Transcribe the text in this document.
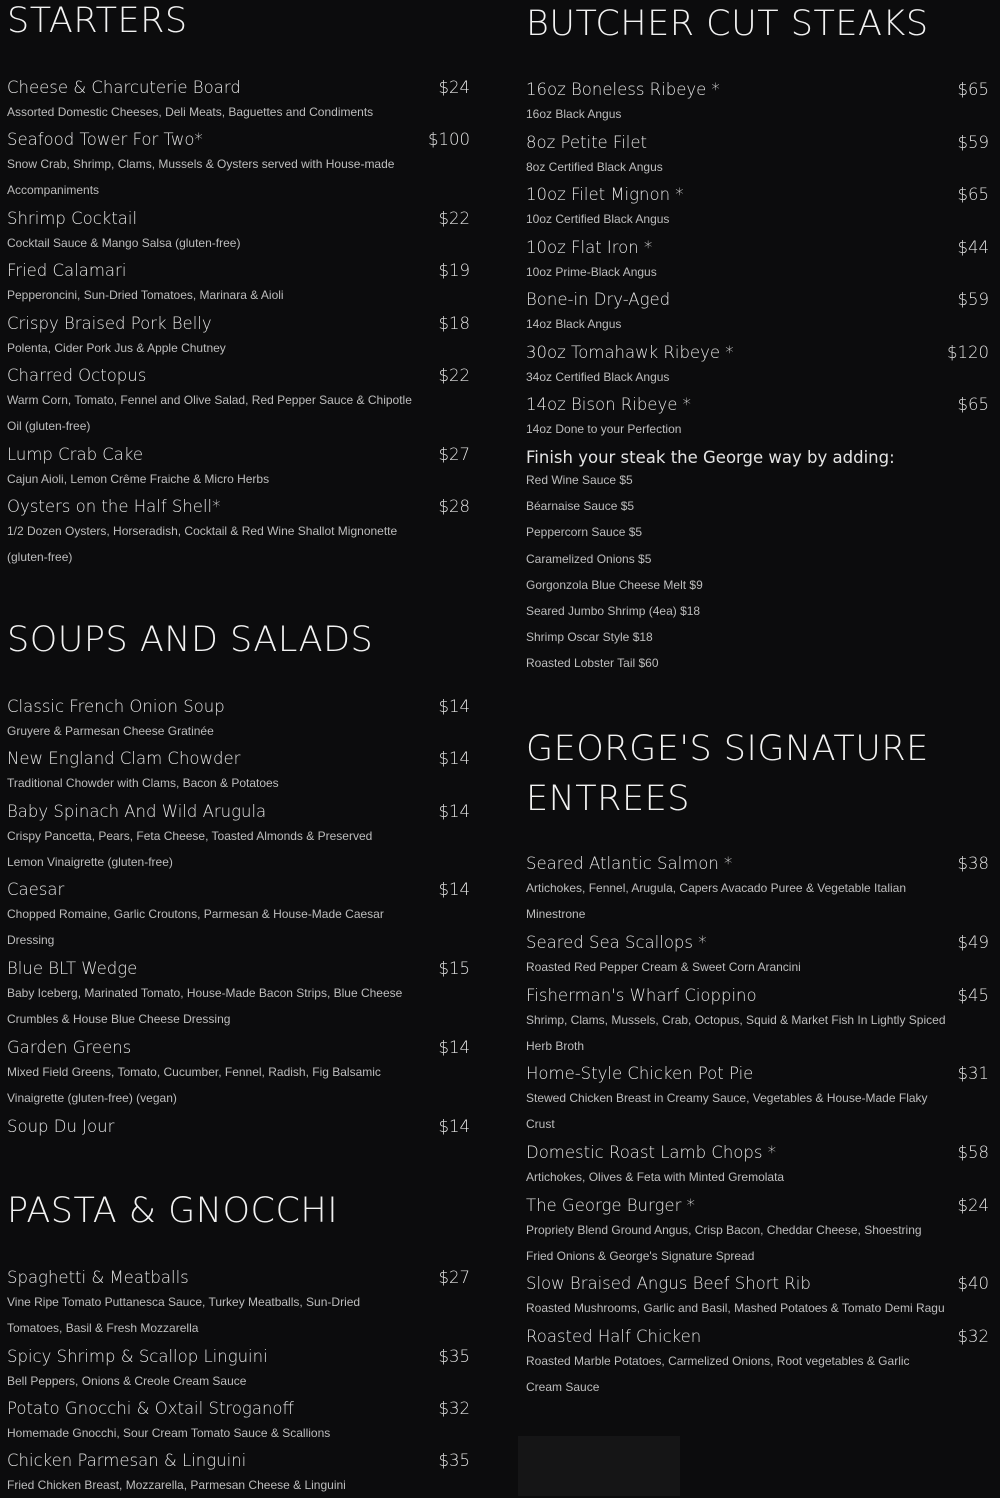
STARTERS
Cheese & Charcuterie Board	$24
Assorted Domestic Cheeses, Deli Meats, Baguettes and Condiments
Seafood Tower For Two*	$100
Snow Crab, Shrimp, Clams, Mussels & Oysters served with House-made Accompaniments
Shrimp Cocktail	$22
Cocktail Sauce & Mango Salsa (gluten-free)
Fried Calamari	$19
Pepperoncini, Sun-Dried Tomatoes, Marinara & Aioli
Crispy Braised Pork Belly	$18
Polenta, Cider Pork Jus & Apple Chutney
Charred Octopus	$22
Warm Corn, Tomato, Fennel and Olive Salad, Red Pepper Sauce & Chipotle Oil (gluten-free)
Lump Crab Cake	$27
Cajun Aioli, Lemon Crême Fraiche & Micro Herbs
Oysters on the Half Shell*	$28
1/2 Dozen Oysters, Horseradish, Cocktail & Red Wine Shallot Mignonette (gluten-free)
SOUPS AND SALADS
Classic French Onion Soup	$14
Gruyere & Parmesan Cheese Gratinée
New England Clam Chowder	$14
Traditional Chowder with Clams, Bacon & Potatoes
Baby Spinach And Wild Arugula	$14
Crispy Pancetta, Pears, Feta Cheese, Toasted Almonds & Preserved Lemon Vinaigrette (gluten-free)
Caesar	$14
Chopped Romaine, Garlic Croutons, Parmesan & House-Made Caesar Dressing
Blue BLT Wedge	$15
Baby Iceberg, Marinated Tomato, House-Made Bacon Strips, Blue Cheese Crumbles & House Blue Cheese Dressing
Garden Greens	$14
Mixed Field Greens, Tomato, Cucumber, Fennel, Radish, Fig Balsamic Vinaigrette (gluten-free) (vegan)
Soup Du Jour	$14
PASTA & GNOCCHI
Spaghetti & Meatballs	$27
Vine Ripe Tomato Puttanesca Sauce, Turkey Meatballs, Sun-Dried Tomatoes, Basil & Fresh Mozzarella
Spicy Shrimp & Scallop Linguini	$35
Bell Peppers, Onions & Creole Cream Sauce
Potato Gnocchi & Oxtail Stroganoff	$32
Homemade Gnocchi, Sour Cream Tomato Sauce & Scallions
Chicken Parmesan & Linguini	$35
Fried Chicken Breast, Mozzarella, Parmesan Cheese & Linguini
BUTCHER CUT STEAKS
16oz Boneless Ribeye *	$65
16oz Black Angus
8oz Petite Filet	$59
8oz Certified Black Angus
10oz Filet Mignon *	$65
10oz Certified Black Angus
10oz Flat Iron *	$44
10oz Prime-Black Angus
Bone-in Dry-Aged	$59
14oz Black Angus
30oz Tomahawk Ribeye *	$120
34oz Certified Black Angus
14oz Bison Ribeye *	$65
14oz Done to your Perfection
Finish your steak the George way by adding:
Red Wine Sauce $5
Béarnaise Sauce $5
Peppercorn Sauce $5
Caramelized Onions $5
Gorgonzola Blue Cheese Melt $9
Seared Jumbo Shrimp (4ea) $18
Shrimp Oscar Style $18
Roasted Lobster Tail $60
GEORGE'S SIGNATURE ENTREES
Seared Atlantic Salmon *	$38
Artichokes, Fennel, Arugula, Capers Avacado Puree & Vegetable Italian Minestrone
Seared Sea Scallops *	$49
Roasted Red Pepper Cream & Sweet Corn Arancini
Fisherman's Wharf Cioppino	$45
Shrimp, Clams, Mussels, Crab, Octopus, Squid & Market Fish In Lightly Spiced Herb Broth
Home-Style Chicken Pot Pie	$31
Stewed Chicken Breast in Creamy Sauce, Vegetables & House-Made Flaky Crust
Domestic Roast Lamb Chops *	$58
Artichokes, Olives & Feta with Minted Gremolata
The George Burger *	$24
Propriety Blend Ground Angus, Crisp Bacon, Cheddar Cheese, Shoestring Fried Onions & George's Signature Spread
Slow Braised Angus Beef Short Rib	$40
Roasted Mushrooms, Garlic and Basil, Mashed Potatoes & Tomato Demi Ragu
Roasted Half Chicken	$32
Roasted Marble Potatoes, Carmelized Onions, Root vegetables & Garlic Cream Sauce
